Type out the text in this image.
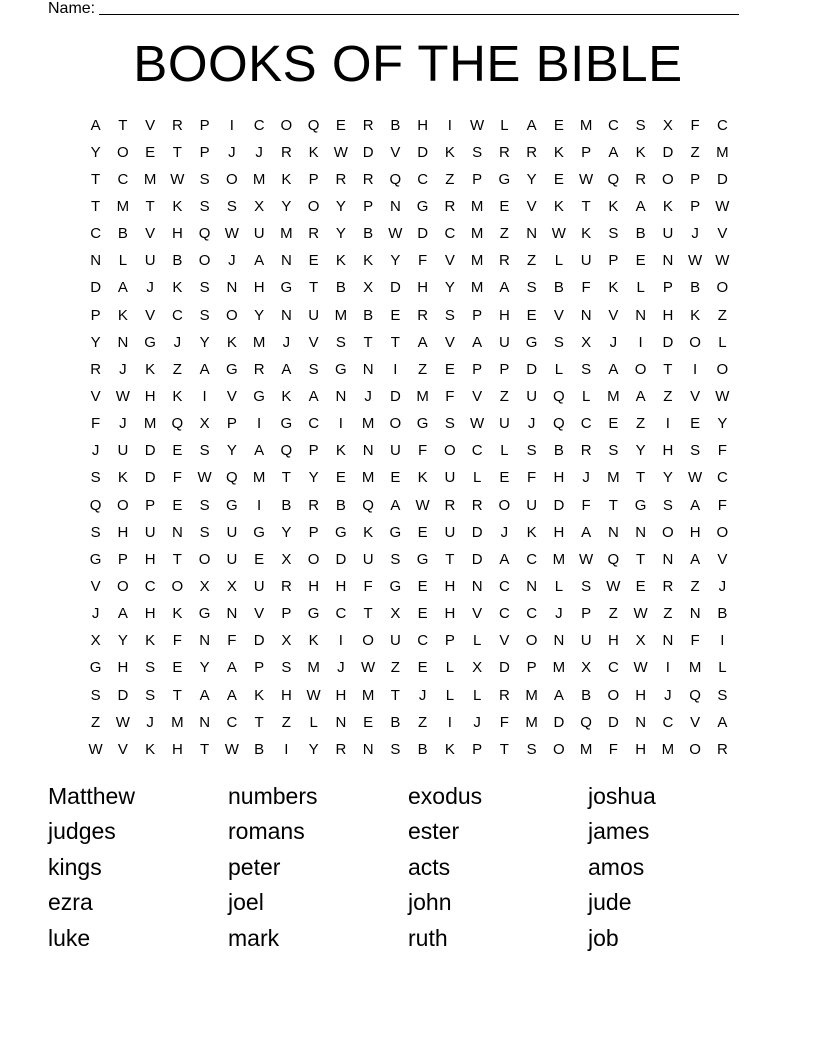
Name:
BOOKS OF THE BIBLE
A	T	V	R	P	I	C	O	Q	E	R	B	H	I	W	L	A	E	M	C	S	X	F	C
Y	O	E	T	P	J	J	R	K	W D	V	D	K	S	R	R	K	P	A	K	D	Z	M
T	C	M W	S	O	M	K	P	R	R	Q	C	Z	P	G	Y	E	W Q	R	O	P	D
T	M	T	K	S	S	X	Y	O	Y	P	N	G	R	M	E	V	K	T	K	A	K	P	W
C	B	V	H	Q W U	M	R	Y	B	W D	C	M	Z	N W	K	S	B	U	J	V
N	L	U	B	O	J	A	N	E	K	K	Y	F	V	M	R	Z	L	U	P	E	N W W
D	A	J	K	S	N	H	G	T	B	X	D	H	Y	M	A	S	B	F	K	L	P	B	O
P	K	V	C	S	O	Y	N	U	M	B	E	R	S	P	H	E	V	N	V	N	H	K	Z
Y	N	G	J	Y	K	M	J	V	S	T	T	A	V	A	U	G	S	X	J	I	D	O	L
R	J	K	Z	A	G	R	A	S	G	N	I	Z	E	P	P	D	L	S	A	O	T	I	O
V	W H	K	I	V	G	K	A	N	J	D	M	F	V	Z	U	Q	L	M	A	Z	V	W
F	J	M	Q	X	P	I	G	C	I	M	O	G	S	W U	J	Q	C	E	Z	I	E	Y
J	U	D	E	S	Y	A	Q	P	K	N	U	F	O	C	L	S	B	R	S	Y	H	S	F
S	K	D	F	W Q	M	T	Y	E	M	E	K	U	L	E	F	H	J	M	T	Y	W C
Q	O	P	E	S	G	I	B	R	B	Q	A	W R	R	O	U	D	F	T	G	S	A	F
S	H	U	N	S	U	G	Y	P	G	K	G	E	U	D	J	K	H	A	N	N	O	H	O
G	P	H	T	O	U	E	X	O	D	U	S	G	T	D	A	C	M W Q	T	N	A	V
V	O	C	O	X	X	U	R	H	H	F	G	E	H	N	C	N	L	S	W	E	R	Z	J
J	A	H	K	G	N	V	P	G	C	T	X	E	H	V	C	C	J	P	Z	W	Z	N	B
X	Y	K	F	N	F	D	X	K	I	O	U	C	P	L	V	O	N	U	H	X	N	F	I
G	H	S	E	Y	A	P	S	M	J	W	Z	E	L	X	D	P	M	X	C W	I	M	L
S	D	S	T	A	A	K	H W H	M	T	J	L	L	R	M	A	B	O	H	J	Q	S
Z	W	J	M	N	C	T	Z	L	N	E	B	Z	I	J	F	M	D	Q	D	N	C	V	A
W	V	K	H	T	W	B	I	Y	R	N	S	B	K	P	T	S	O	M	F	H	M	O	R
Matthew	numbers	exodus	joshua
judges	romans	ester	james
kings	peter	acts	amos
ezra	joel	john	jude
luke	mark	ruth	job
